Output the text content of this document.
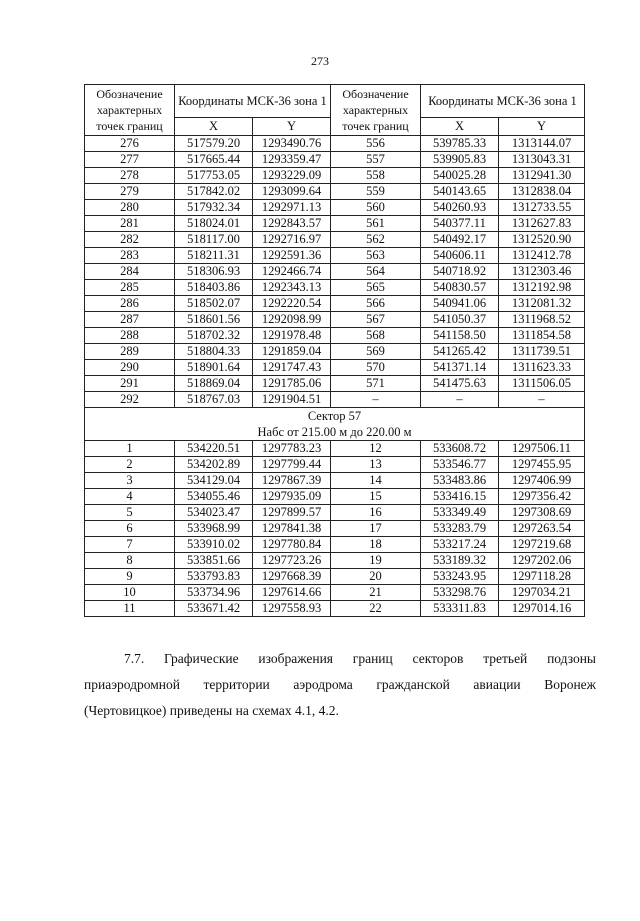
273
Обозначение характерных точек границ	Координаты МСК-36 зона 1		Обозначение характерных точек границ	Координаты МСК-36 зона 1	
	X	Y		X	Y
276	517579.20	1293490.76	556	539785.33	1313144.07
277	517665.44	1293359.47	557	539905.83	1313043.31
278	517753.05	1293229.09	558	540025.28	1312941.30
279	517842.02	1293099.64	559	540143.65	1312838.04
280	517932.34	1292971.13	560	540260.93	1312733.55
281	518024.01	1292843.57	561	540377.11	1312627.83
282	518117.00	1292716.97	562	540492.17	1312520.90
283	518211.31	1292591.36	563	540606.11	1312412.78
284	518306.93	1292466.74	564	540718.92	1312303.46
285	518403.86	1292343.13	565	540830.57	1312192.98
286	518502.07	1292220.54	566	540941.06	1312081.32
287	518601.56	1292098.99	567	541050.37	1311968.52
288	518702.32	1291978.48	568	541158.50	1311854.58
289	518804.33	1291859.04	569	541265.42	1311739.51
290	518901.64	1291747.43	570	541371.14	1311623.33
291	518869.04	1291785.06	571	541475.63	1311506.05
292	518767.03	1291904.51	–	–	–

Сектор 57
Набс от 215.00 м до 220.00 м					

1	534220.51	1297783.23	12	533608.72	1297506.11
2	534202.89	1297799.44	13	533546.77	1297455.95
3	534129.04	1297867.39	14	533483.86	1297406.99
4	534055.46	1297935.09	15	533416.15	1297356.42
5	534023.47	1297899.57	16	533349.49	1297308.69
6	533968.99	1297841.38	17	533283.79	1297263.54
7	533910.02	1297780.84	18	533217.24	1297219.68
8	533851.66	1297723.26	19	533189.32	1297202.06
9	533793.83	1297668.39	20	533243.95	1297118.28
10	533734.96	1297614.66	21	533298.76	1297034.21
11	533671.42	1297558.93	22	533311.83	1297014.16
7.7. Графические изображения границ секторов третьей подзоны
приаэродромной территории аэродрома гражданской авиации Воронеж
(Чертовицкое) приведены на схемах 4.1, 4.2.
